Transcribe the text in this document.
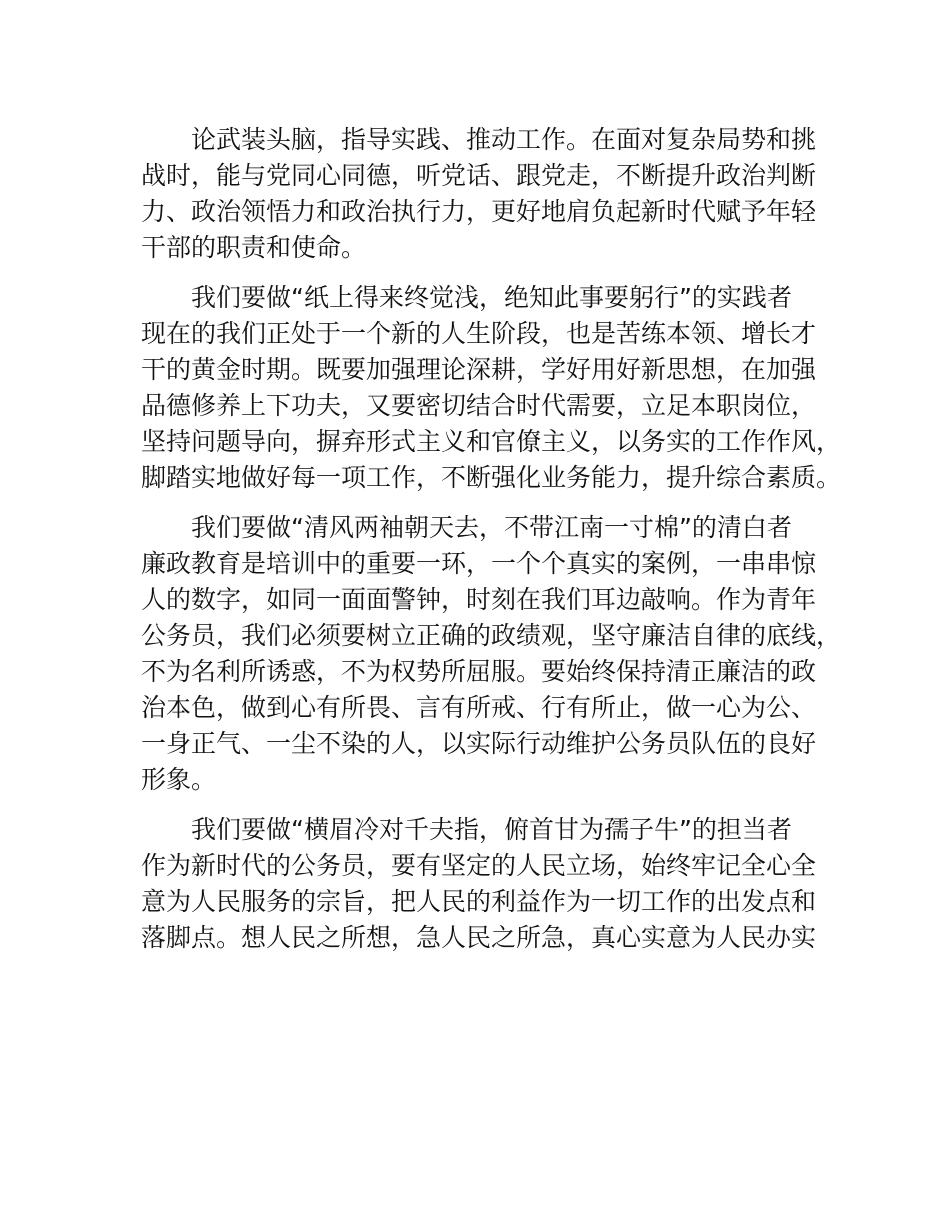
论武装头脑，指导实践、推动工作。在面对复杂局势和挑
战时，能与党同心同德，听党话、跟党走，不断提升政治判断
力、政治领悟力和政治执行力，更好地肩负起新时代赋予年轻
干部的职责和使命。
我们要做“纸上得来终觉浅，绝知此事要躬行”的实践者
现在的我们正处于一个新的人生阶段，也是苦练本领、增长才
干的黄金时期。既要加强理论深耕，学好用好新思想，在加强
品德修养上下功夫，又要密切结合时代需要，立足本职岗位，
坚持问题导向，摒弃形式主义和官僚主义，以务实的工作作风，
脚踏实地做好每一项工作，不断强化业务能力，提升综合素质。
我们要做“清风两袖朝天去，不带江南一寸棉”的清白者
廉政教育是培训中的重要一环，一个个真实的案例，一串串惊
人的数字，如同一面面警钟，时刻在我们耳边敲响。作为青年
公务员，我们必须要树立正确的政绩观，坚守廉洁自律的底线，
不为名利所诱惑，不为权势所屈服。要始终保持清正廉洁的政
治本色，做到心有所畏、言有所戒、行有所止，做一心为公、
一身正气、一尘不染的人，以实际行动维护公务员队伍的良好
形象。
我们要做“横眉冷对千夫指，俯首甘为孺子牛”的担当者
作为新时代的公务员，要有坚定的人民立场，始终牢记全心全
意为人民服务的宗旨，把人民的利益作为一切工作的出发点和
落脚点。想人民之所想，急人民之所急，真心实意为人民办实
